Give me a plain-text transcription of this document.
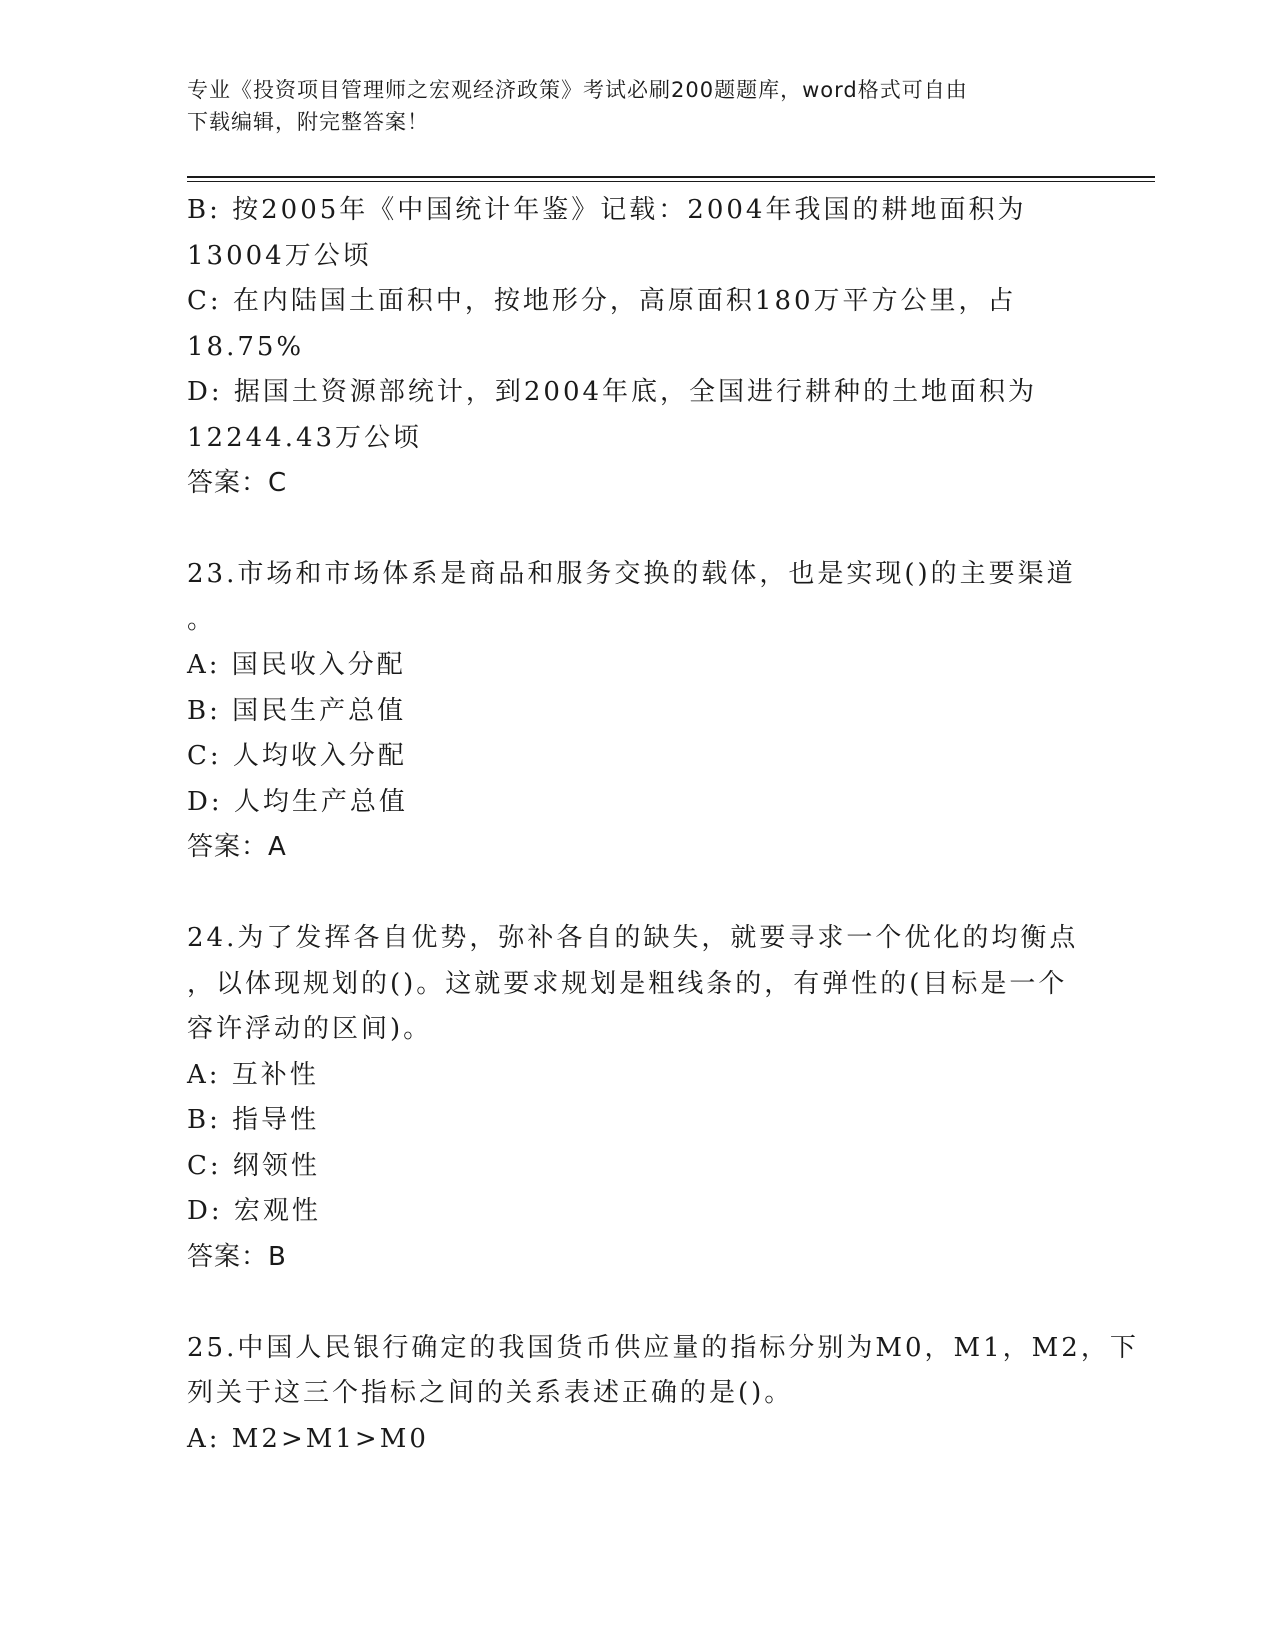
专业《投资项目管理师之宏观经济政策》考试必刷200题题库，word格式可自由
下载编辑，附完整答案！
B: 按2005年《中国统计年鉴》记载：2004年我国的耕地面积为
13004万公顷
C: 在内陆国土面积中，按地形分，高原面积180万平方公里，占
18.75%
D: 据国土资源部统计，到2004年底，全国进行耕种的土地面积为
12244.43万公顷
答案：C
23.市场和市场体系是商品和服务交换的载体，也是实现()的主要渠道
。
A: 国民收入分配
B: 国民生产总值
C: 人均收入分配
D: 人均生产总值
答案：A
24.为了发挥各自优势，弥补各自的缺失，就要寻求一个优化的均衡点
，以体现规划的()。这就要求规划是粗线条的，有弹性的(目标是一个
容许浮动的区间)。
A: 互补性
B: 指导性
C: 纲领性
D: 宏观性
答案：B
25.中国人民银行确定的我国货币供应量的指标分别为M0，M1，M2，下
列关于这三个指标之间的关系表述正确的是()。
A: M2>M1>M0
